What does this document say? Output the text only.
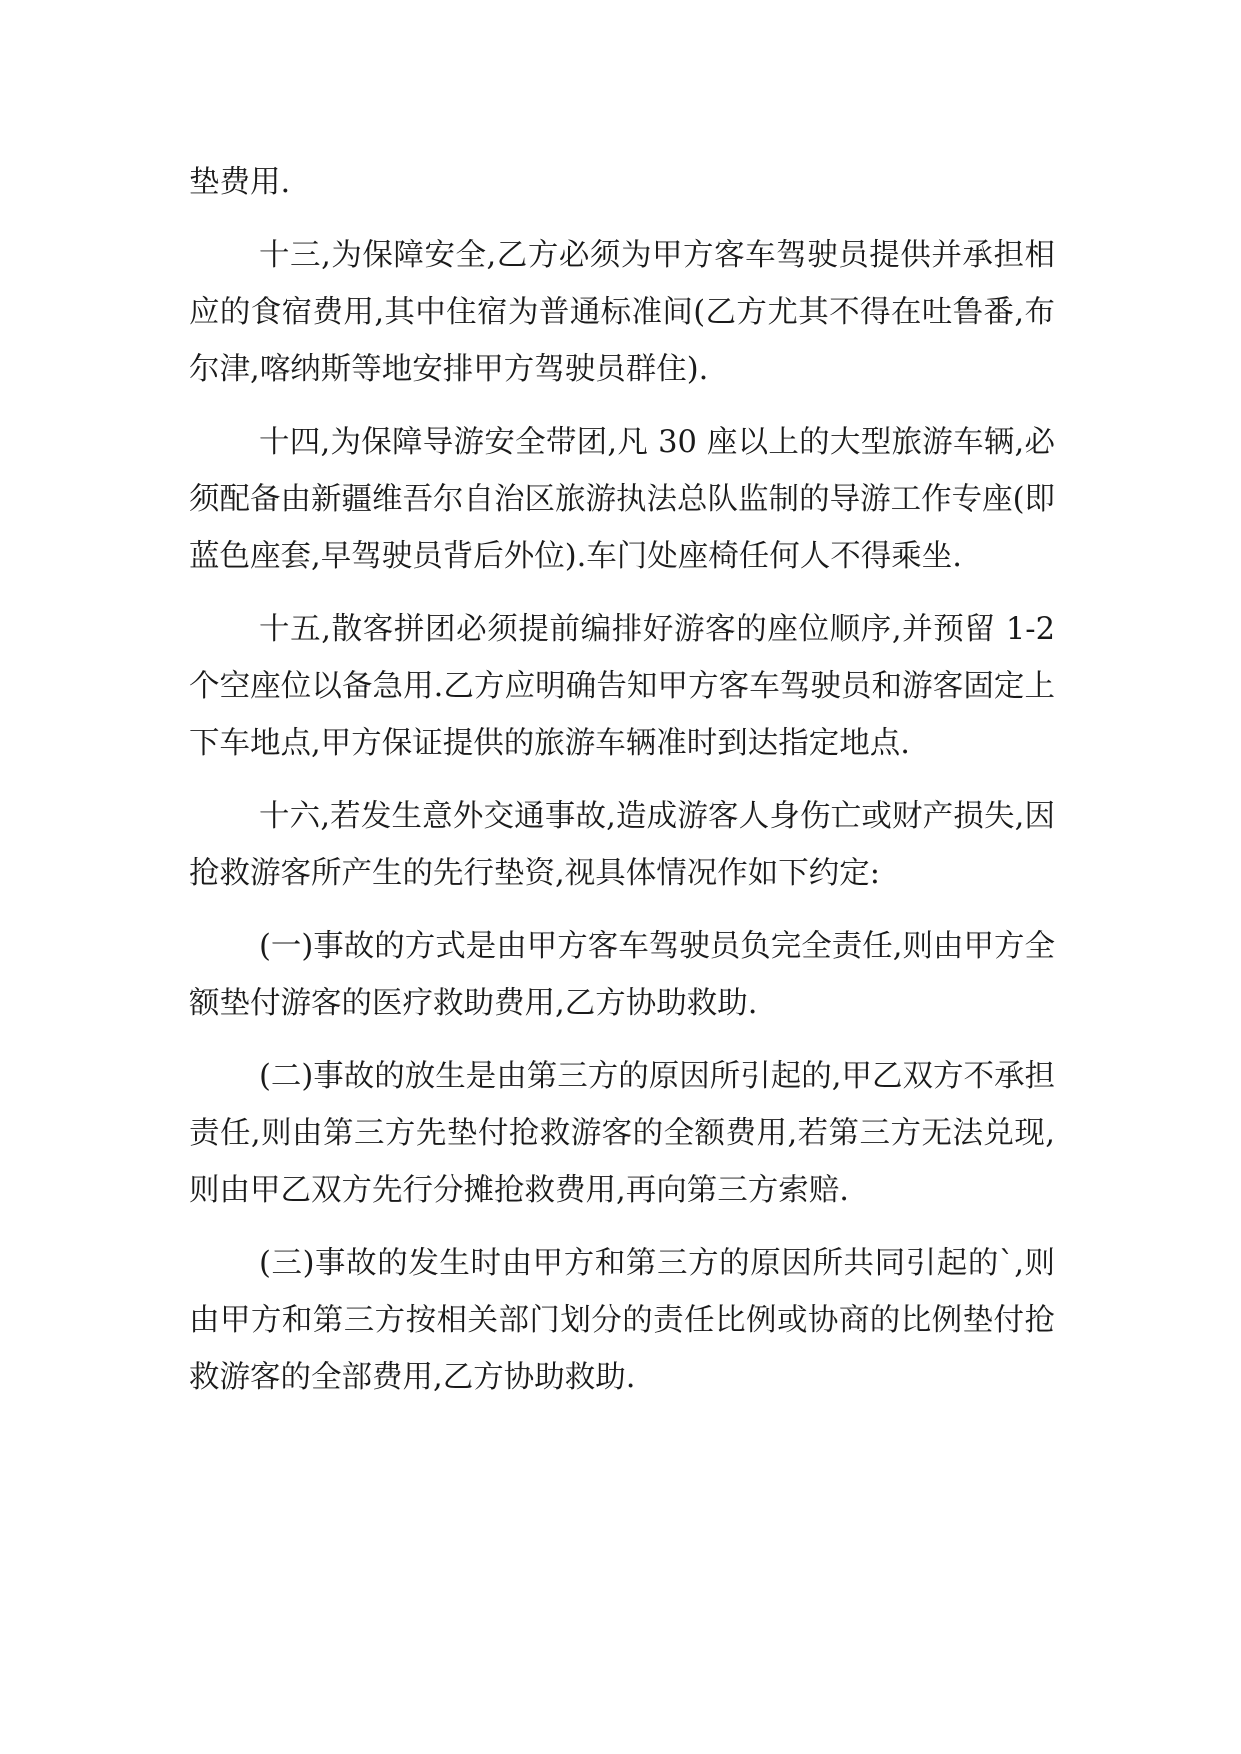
垫费用.

十三,为保障安全,乙方必须为甲方客车驾驶员提供并承担相应的食宿费用,其中住宿为普通标准间(乙方尤其不得在吐鲁番,布尔津,喀纳斯等地安排甲方驾驶员群住).

十四,为保障导游安全带团,凡 30 座以上的大型旅游车辆,必须配备由新疆维吾尔自治区旅游执法总队监制的导游工作专座(即蓝色座套,早驾驶员背后外位).车门处座椅任何人不得乘坐.

十五,散客拼团必须提前编排好游客的座位顺序,并预留 1-2 个空座位以备急用.乙方应明确告知甲方客车驾驶员和游客固定上下车地点,甲方保证提供的旅游车辆准时到达指定地点.

十六,若发生意外交通事故,造成游客人身伤亡或财产损失,因抢救游客所产生的先行垫资,视具体情况作如下约定:

(一)事故的方式是由甲方客车驾驶员负完全责任,则由甲方全额垫付游客的医疗救助费用,乙方协助救助.

(二)事故的放生是由第三方的原因所引起的,甲乙双方不承担责任,则由第三方先垫付抢救游客的全额费用,若第三方无法兑现,则由甲乙双方先行分摊抢救费用,再向第三方索赔.

(三)事故的发生时由甲方和第三方的原因所共同引起的`,则由甲方和第三方按相关部门划分的责任比例或协商的比例垫付抢救游客的全部费用,乙方协助救助.
